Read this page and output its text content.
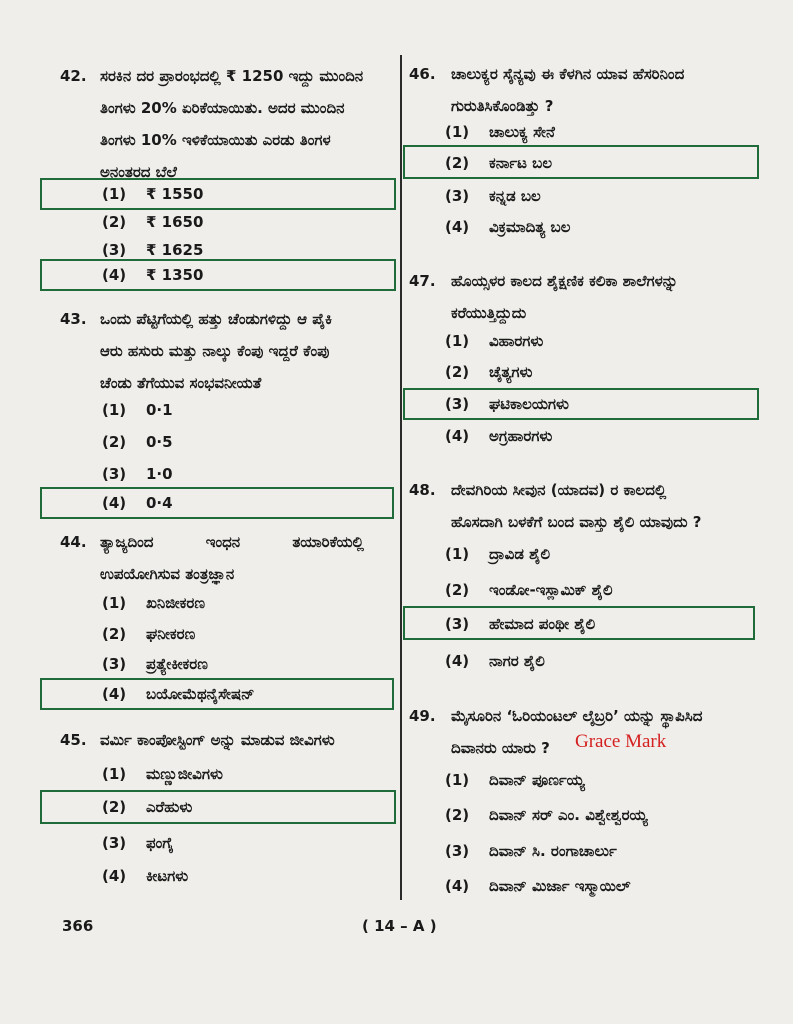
42. ಸರಕಿನ ದರ ಪ್ರಾರಂಭದಲ್ಲಿ ₹ 1250 ಇದ್ದು ಮುಂದಿನ
ತಿಂಗಳು 20% ಏರಿಕೆಯಾಯಿತು. ಅದರ ಮುಂದಿನ
ತಿಂಗಳು 10% ಇಳಿಕೆಯಾಯಿತು ಎರಡು ತಿಂಗಳ
ಅನಂತರದ ಬೆಲೆ
(1) ₹ 1550
(2) ₹ 1650
(3) ₹ 1625
(4) ₹ 1350
43. ಒಂದು ಪೆಟ್ಟಿಗೆಯಲ್ಲಿ ಹತ್ತು ಚೆಂಡುಗಳಿದ್ದು ಆ ಪೈಕಿ
ಆರು ಹಸುರು ಮತ್ತು ನಾಲ್ಕು ಕೆಂಪು ಇದ್ದರೆ ಕೆಂಪು
ಚೆಂಡು ತೆಗೆಯುವ ಸಂಭವನೀಯತೆ
(1) 0·1
(2) 0·5
(3) 1·0
(4) 0·4
44. ತ್ಯಾಜ್ಯದಿಂದ          ಇಂಧನ          ತಯಾರಿಕೆಯಲ್ಲಿ
ಉಪಯೋಗಿಸುವ ತಂತ್ರಜ್ಞಾನ
(1) ಖನಿಜೀಕರಣ
(2) ಘನೀಕರಣ
(3) ಪ್ರತ್ಯೇಕೀಕರಣ
(4) ಬಯೋಮೆಥನೈಸೇಷನ್
45. ವರ್ಮಿ ಕಾಂಪೋಸ್ಟಿಂಗ್ ಅನ್ನು ಮಾಡುವ ಜೀವಿಗಳು
(1) ಮಣ್ಣುಜೀವಿಗಳು
(2) ಎರೆಹುಳು
(3) ಫಂಗೈ
(4) ಕೀಟಗಳು
46. ಚಾಲುಕ್ಯರ ಸೈನ್ಯವು ಈ ಕೆಳಗಿನ ಯಾವ ಹೆಸರಿನಿಂದ
ಗುರುತಿಸಿಕೊಂಡಿತ್ತು ?
(1) ಚಾಲುಕ್ಯ ಸೇನೆ
(2) ಕರ್ನಾಟ ಬಲ
(3) ಕನ್ನಡ ಬಲ
(4) ವಿಕ್ರಮಾದಿತ್ಯ ಬಲ
47. ಹೊಯ್ಸಳರ ಕಾಲದ ಶೈಕ್ಷಣಿಕ ಕಲಿಕಾ ಶಾಲೆಗಳನ್ನು
ಕರೆಯುತ್ತಿದ್ದುದು
(1) ವಿಹಾರಗಳು
(2) ಚೈತ್ಯಗಳು
(3) ಘಟಿಕಾಲಯಗಳು
(4) ಅಗ್ರಹಾರಗಳು
48. ದೇವಗಿರಿಯ ಸೀವುನ (ಯಾದವ) ರ ಕಾಲದಲ್ಲಿ
ಹೊಸದಾಗಿ ಬಳಕೆಗೆ ಬಂದ ವಾಸ್ತು ಶೈಲಿ ಯಾವುದು ?
(1) ದ್ರಾವಿಡ ಶೈಲಿ
(2) ಇಂಡೋ-ಇಸ್ಲಾಮಿಕ್ ಶೈಲಿ
(3) ಹೇಮಾದ ಪಂಥೀ ಶೈಲಿ
(4) ನಾಗರ ಶೈಲಿ
49. ಮೈಸೂರಿನ ‘ಓರಿಯಂಟಲ್ ಲೈಬ್ರರಿ’ ಯನ್ನು ಸ್ಥಾಪಿಸಿದ
ದಿವಾನರು ಯಾರು ?	Grace Mark
(1) ದಿವಾನ್ ಪೂರ್ಣಯ್ಯ
(2) ದಿವಾನ್ ಸರ್ ಎಂ. ವಿಶ್ವೇಶ್ವರಯ್ಯ
(3) ದಿವಾನ್ ಸಿ. ರಂಗಾಚಾರ್ಲು
(4) ದಿವಾನ್ ಮಿರ್ಜಾ ಇಸ್ಮಾಯಿಲ್
366	( 14 – A )
